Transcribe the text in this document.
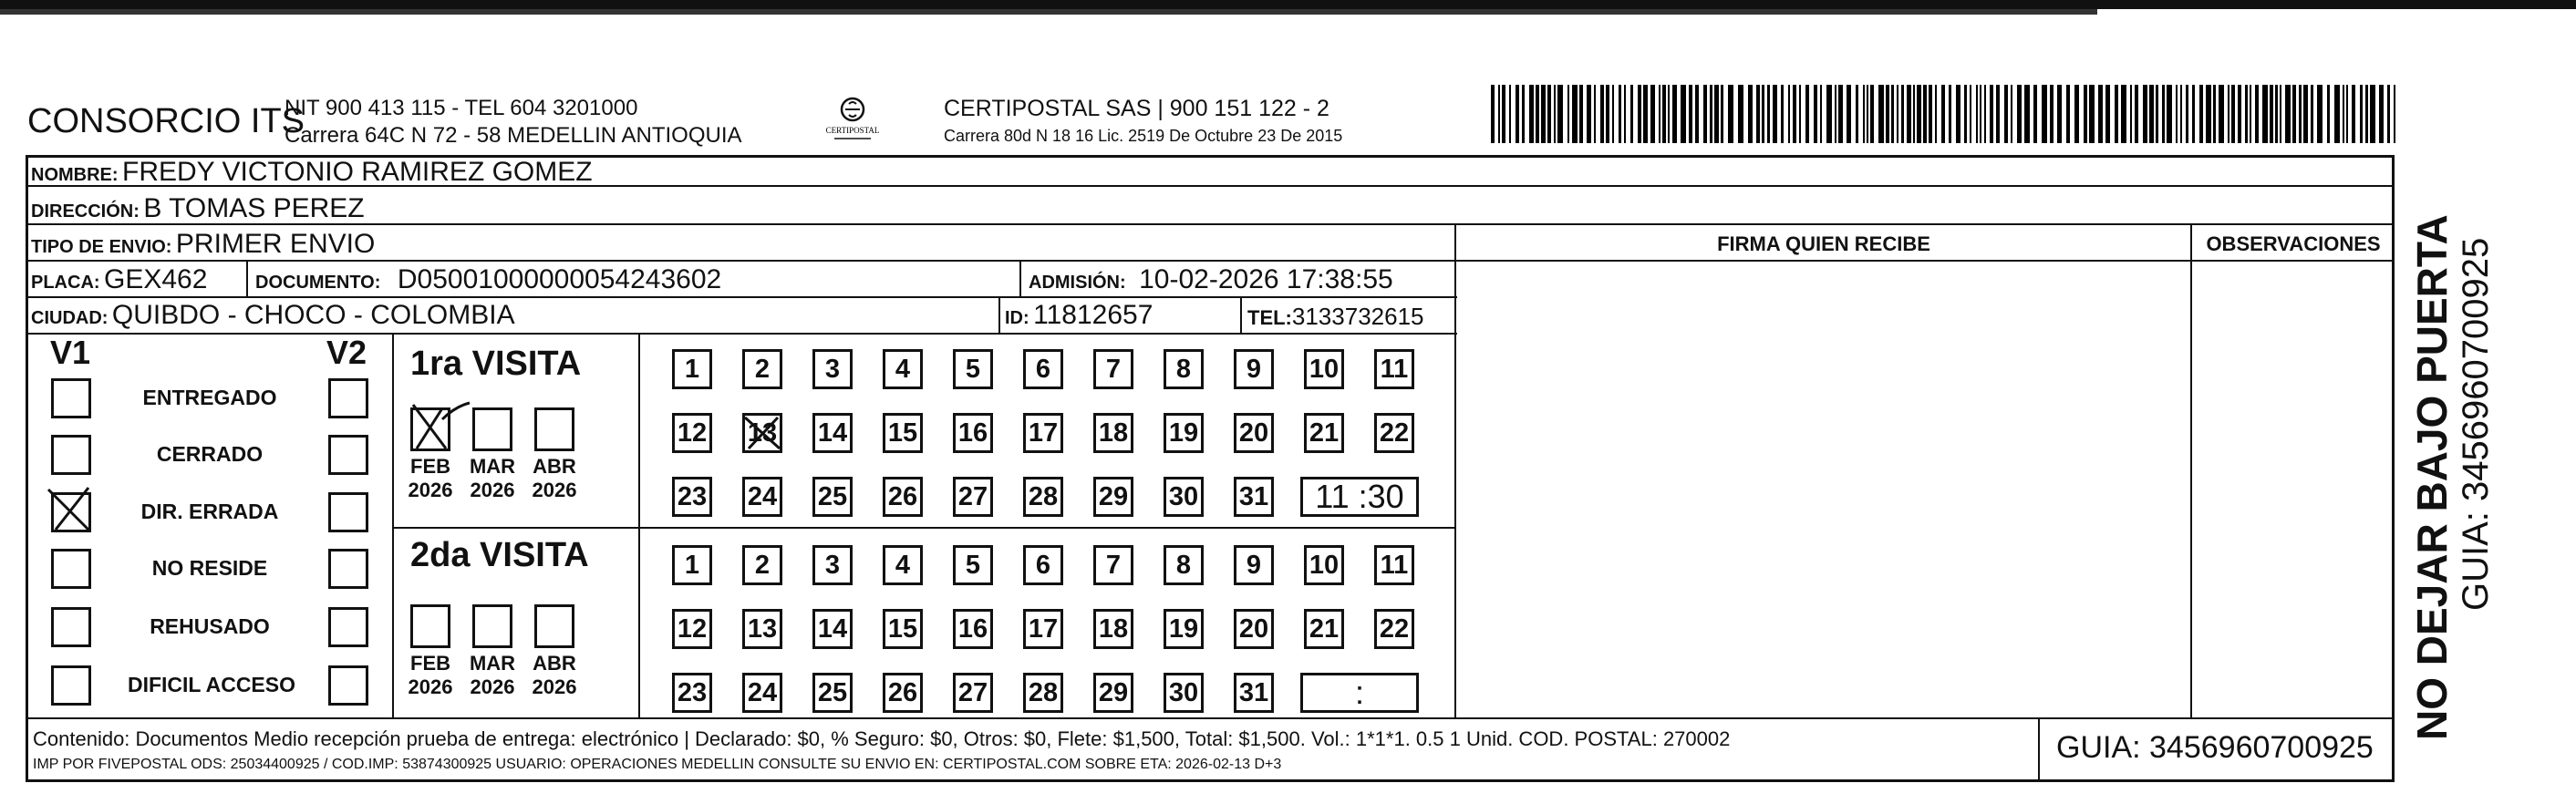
CONSORCIO ITS
NIT 900 413 115 - TEL 604 3201000
Carrera 64C N 72 - 58 MEDELLIN ANTIOQUIA	CERTIPOSTAL
CERTIPOSTAL SAS | 900 151 122 - 2
Carrera 80d N 18 16 Lic. 2519 De Octubre 23 De 2015
NOMBRE: FREDY VICTONIO RAMIREZ GOMEZ
DIRECCIÓN: B TOMAS PEREZ
TIPO DE ENVIO: PRIMER ENVIO	FIRMA QUIEN RECIBE	OBSERVACIONES
PLACA: GEX462	DOCUMENTO: D05001000000054243602	ADMISIÓN: 10-02-2026 17:38:55
CIUDAD: QUIBDO - CHOCO - COLOMBIA	ID: 11812657	TEL:3133732615
V1	V2 1ra VISITA
2da VISITA
Contenido: Documentos Medio recepción prueba de entrega: electrónico | Declarado: $0, % Seguro: $0, Otros: $0, Flete: $1,500, Total: $1,500. Vol.: 1*1*1. 0.5 1 Unid. COD. POSTAL: 270002
IMP POR FIVEPOSTAL ODS: 25034400925 / COD.IMP: 53874300925 USUARIO: OPERACIONES MEDELLIN CONSULTE SU ENVIO EN: CERTIPOSTAL.COM SOBRE ETA: 2026-02-13 D+3	GUIA: 3456960700925
NO DEJAR BAJO PUERTA GUIA: 3456960700925
ENTREGADO
CERRADO
DIR. ERRADA
NO RESIDE
REHUSADO
DIFICIL ACCESO
FEB
2026
MAR
2026
ABR
2026
FEB
2026
MAR
2026
ABR
2026
1	2	3	4	5	6	7	8	9	10 11
12 13 14 15 16 17 18 19 20 21 22
23 24 25 26 27 28 29 30 31	11 :30
1	2	3	4	5	6	7	8	9	10 11
12 13 14 15 16 17 18 19 20 21 22
23 24 25 26 27 28 29 30 31	:
